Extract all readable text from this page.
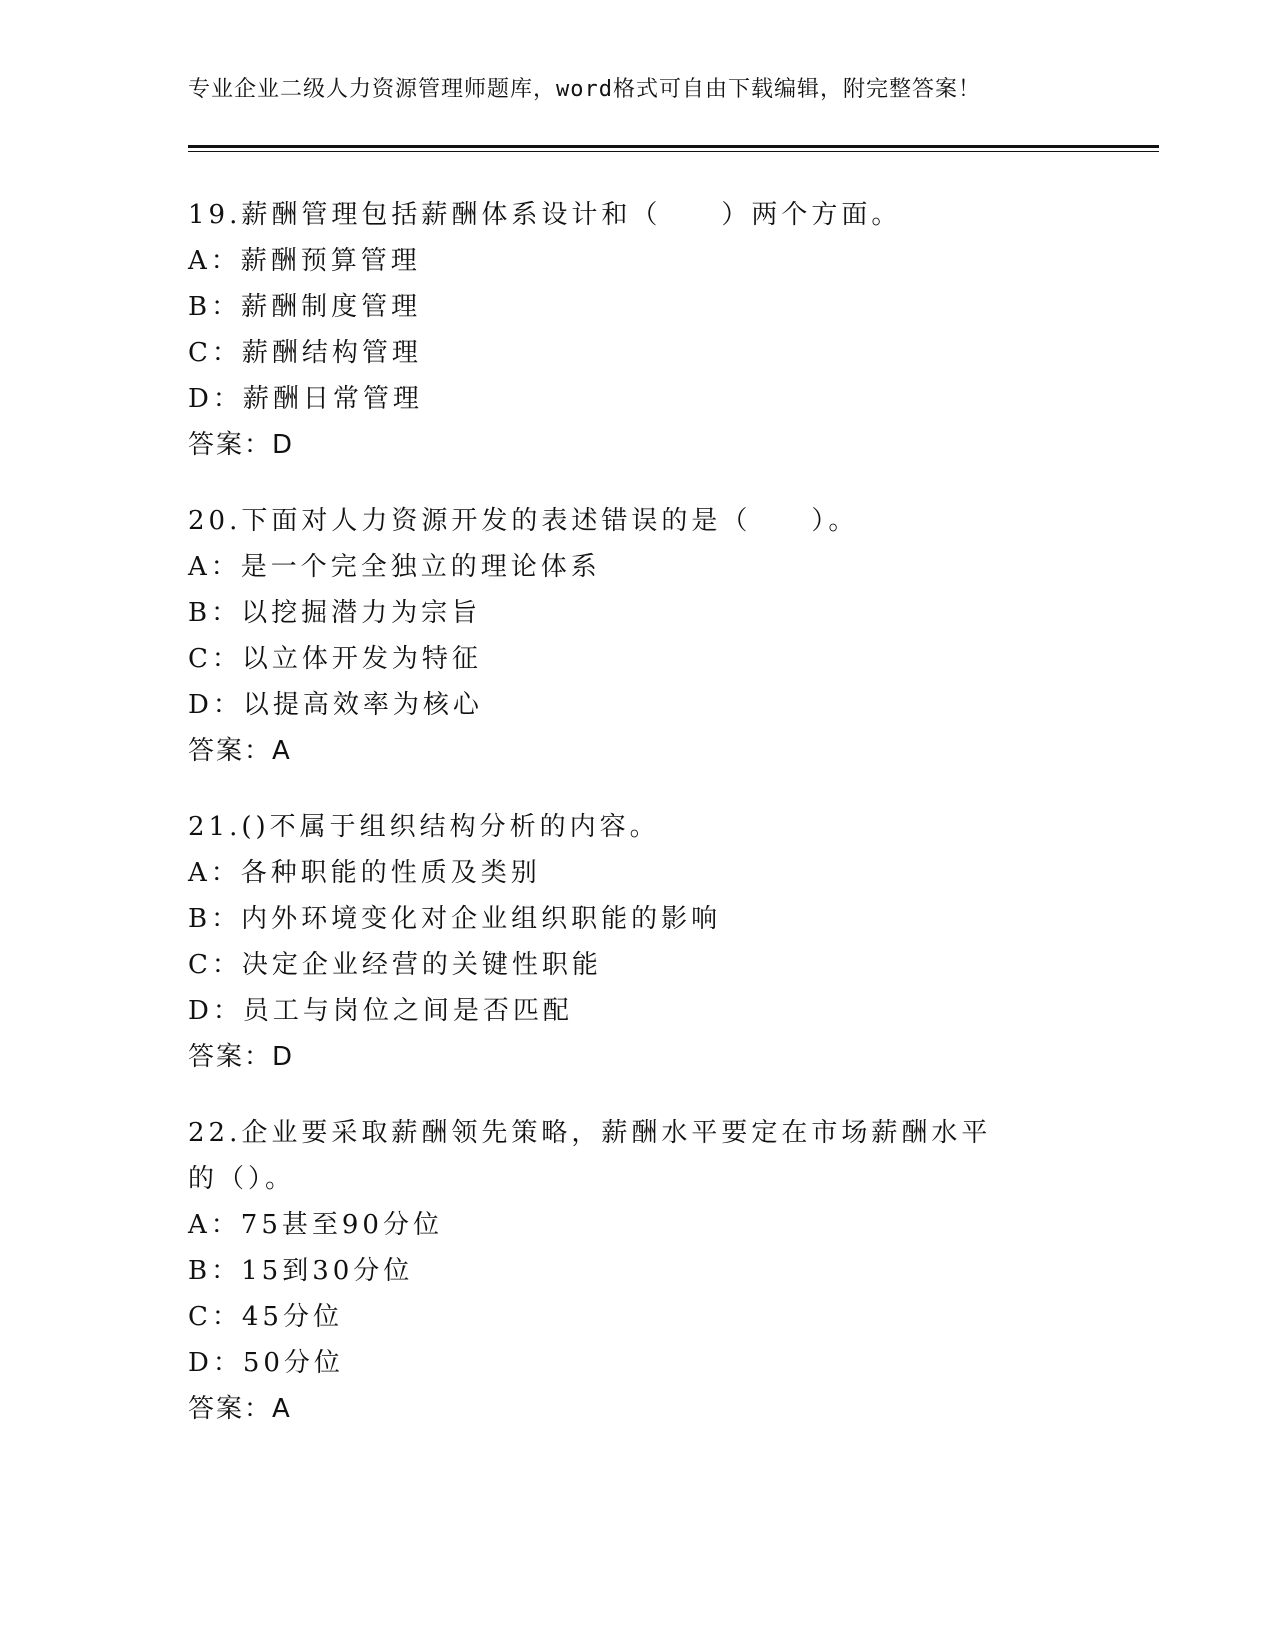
专业企业二级人力资源管理师题库，word格式可自由下载编辑，附完整答案！
19.薪酬管理包括薪酬体系设计和（　　）两个方面。
A：薪酬预算管理
B：薪酬制度管理
C：薪酬结构管理
D：薪酬日常管理
答案：D
20.下面对人力资源开发的表述错误的是（　　）。
A：是一个完全独立的理论体系
B：以挖掘潜力为宗旨
C：以立体开发为特征
D：以提高效率为核心
答案：A
21.()不属于组织结构分析的内容。
A：各种职能的性质及类别
B：内外环境变化对企业组织职能的影响
C：决定企业经营的关键性职能
D：员工与岗位之间是否匹配
答案：D
22.企业要采取薪酬领先策略，薪酬水平要定在市场薪酬水平的（）。
A：75甚至90分位
B：15到30分位
C：45分位
D：50分位
答案：A
